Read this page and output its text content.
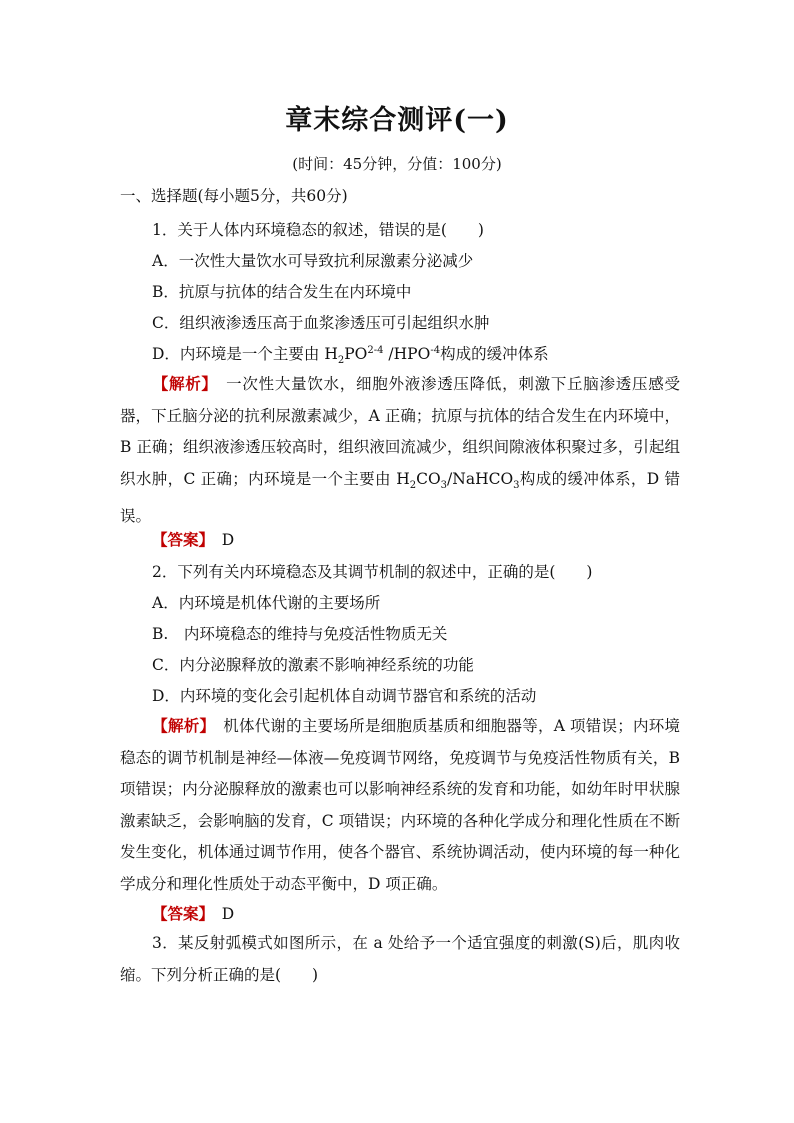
章末综合测评(一)
(时间：45分钟，分值：100分)
一、选择题(每小题5分，共60分)
1．关于人体内环境稳态的叙述，错误的是(　　)
A．一次性大量饮水可导致抗利尿激素分泌减少
B．抗原与抗体的结合发生在内环境中
C．组织液渗透压高于血浆渗透压可引起组织水肿
D．内环境是一个主要由 $H_2PO^{2-4}$ $/HPO^{-4}$构成的缓冲体系
【解析】　 一次性大量饮水，细胞外液渗透压降低，刺激下丘脑渗透压感受器，下丘脑分泌的抗利尿激素减少，A 正确；抗原与抗体的结合发生在内环境中，B 正确；组织液渗透压较高时，组织液回流减少，组织间隙液体积聚过多，引起组织水肿，C 正确；内环境是一个主要由 $H_2CO_3/NaHCO_3$构成的缓冲体系，D 错误。
【答案】　 D
2．下列有关内环境稳态及其调节机制的叙述中，正确的是(　　)
A．内环境是机体代谢的主要场所
B.　内环境稳态的维持与免疫活性物质无关
C．内分泌腺释放的激素不影响神经系统的功能
D．内环境的变化会引起机体自动调节器官和系统的活动
【解析】　 机体代谢的主要场所是细胞质基质和细胞器等，A 项错误；内环境稳态的调节机制是神经—体液—免疫调节网络，免疫调节与免疫活性物质有关，B 项错误；内分泌腺释放的激素也可以影响神经系统的发育和功能，如幼年时甲状腺激素缺乏，会影响脑的发育，C 项错误；内环境的各种化学成分和理化性质在不断发生变化，机体通过调节作用，使各个器官、系统协调活动，使内环境的每一种化学成分和理化性质处于动态平衡中，D 项正确。
【答案】　 D
3．某反射弧模式如图所示，在 a 处给予一个适宜强度的刺激(S)后，肌肉收缩。下列分析正确的是(　　)
